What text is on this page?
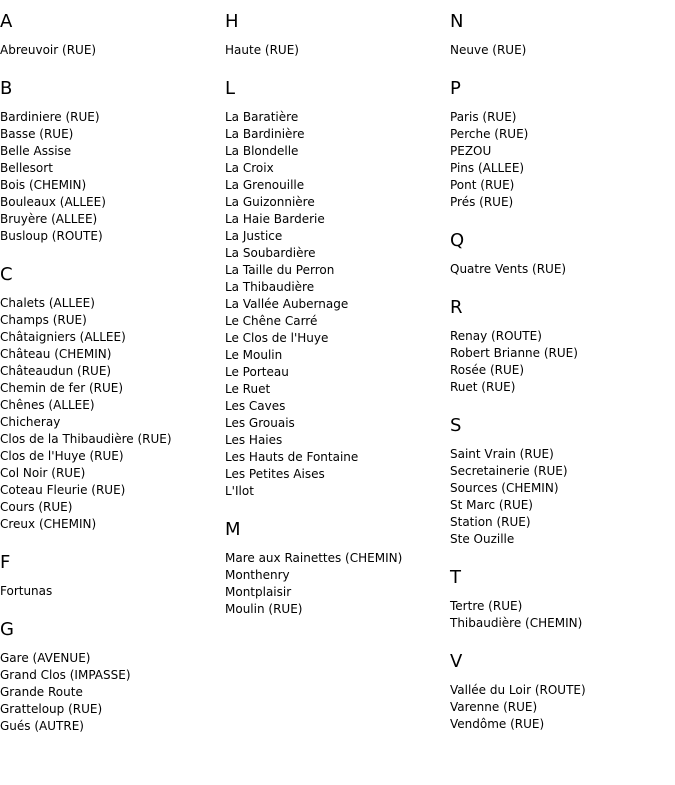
A
Abreuvoir (RUE)
B
Bardiniere (RUE)
Basse (RUE)
Belle Assise
Bellesort
Bois (CHEMIN)
Bouleaux (ALLEE)
Bruyère (ALLEE)
Busloup (ROUTE)
C
Chalets (ALLEE)
Champs (RUE)
Châtaigniers (ALLEE)
Château (CHEMIN)
Châteaudun (RUE)
Chemin de fer (RUE)
Chênes (ALLEE)
Chicheray
Clos de la Thibaudière (RUE)
Clos de l'Huye (RUE)
Col Noir (RUE)
Coteau Fleurie (RUE)
Cours (RUE)
Creux (CHEMIN)
F
Fortunas
G
Gare (AVENUE)
Grand Clos (IMPASSE)
Grande Route
Gratteloup (RUE)
Gués (AUTRE)
H
Haute (RUE)
L
La Baratière
La Bardinière
La Blondelle
La Croix
La Grenouille
La Guizonnière
La Haie Barderie
La Justice
La Soubardière
La Taille du Perron
La Thibaudière
La Vallée Aubernage
Le Chêne Carré
Le Clos de l'Huye
Le Moulin
Le Porteau
Le Ruet
Les Caves
Les Grouais
Les Haies
Les Hauts de Fontaine
Les Petites Aises
L'Ilot
M
Mare aux Rainettes (CHEMIN)
Monthenry
Montplaisir
Moulin (RUE)
N
Neuve (RUE)
P
Paris (RUE)
Perche (RUE)
PEZOU
Pins (ALLEE)
Pont (RUE)
Prés (RUE)
Q
Quatre Vents (RUE)
R
Renay (ROUTE)
Robert Brianne (RUE)
Rosée (RUE)
Ruet (RUE)
S
Saint Vrain (RUE)
Secretainerie (RUE)
Sources (CHEMIN)
St Marc (RUE)
Station (RUE)
Ste Ouzille
T
Tertre (RUE)
Thibaudière (CHEMIN)
V
Vallée du Loir (ROUTE)
Varenne (RUE)
Vendôme (RUE)
